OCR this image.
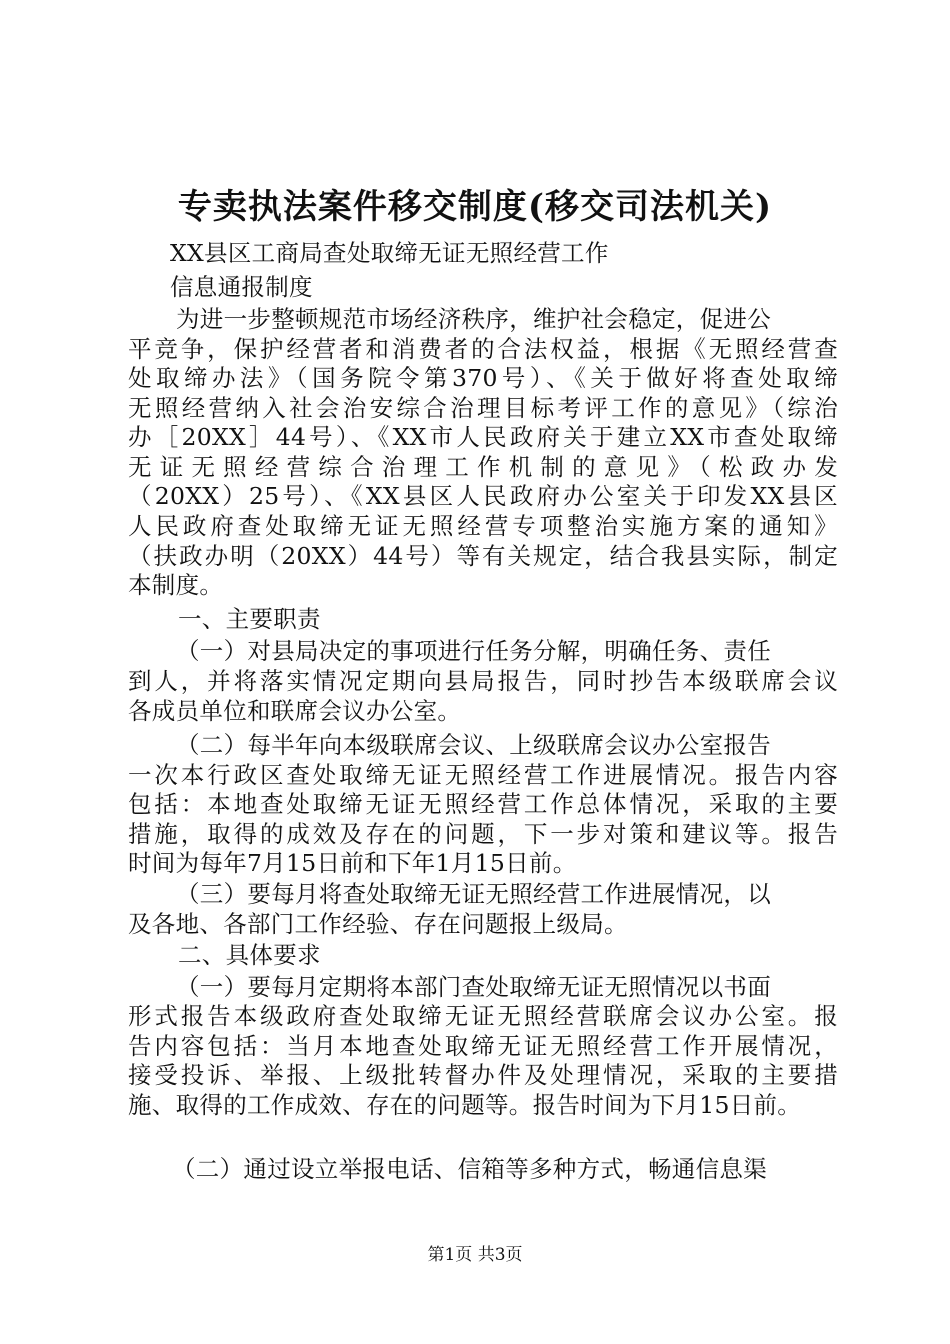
专卖执法案件移交制度(移交司法机关)
XX县区工商局查处取缔无证无照经营工作
信息通报制度
为进一步整顿规范市场经济秩序，维护社会稳定，促进公
平竞争，保护经营者和消费者的合法权益，根据《无照经营查
处取缔办法》（国务院令第370号）、《关于做好将查处取缔
无照经营纳入社会治安综合治理目标考评工作的意见》（综治
办［20XX］44号）、《XX市人民政府关于建立XX市查处取缔
无证无照经营综合治理工作机制的意见》（松政办发
（20XX）25号）、《XX县区人民政府办公室关于印发XX县区
人民政府查处取缔无证无照经营专项整治实施方案的通知》
（扶政办明（20XX）44号）等有关规定，结合我县实际，制定
本制度。
一、主要职责
（一）对县局决定的事项进行任务分解，明确任务、责任
到人，并将落实情况定期向县局报告，同时抄告本级联席会议
各成员单位和联席会议办公室。
（二）每半年向本级联席会议、上级联席会议办公室报告
一次本行政区查处取缔无证无照经营工作进展情况。报告内容
包括：本地查处取缔无证无照经营工作总体情况，采取的主要
措施，取得的成效及存在的问题，下一步对策和建议等。报告
时间为每年7月15日前和下年1月15日前。
（三）要每月将查处取缔无证无照经营工作进展情况，以
及各地、各部门工作经验、存在问题报上级局。
二、具体要求
（一）要每月定期将本部门查处取缔无证无照情况以书面
形式报告本级政府查处取缔无证无照经营联席会议办公室。报
告内容包括：当月本地查处取缔无证无照经营工作开展情况，
接受投诉、举报、上级批转督办件及处理情况，采取的主要措
施、取得的工作成效、存在的问题等。报告时间为下月15日前。
（二）通过设立举报电话、信箱等多种方式，畅通信息渠
第1页 共3页
